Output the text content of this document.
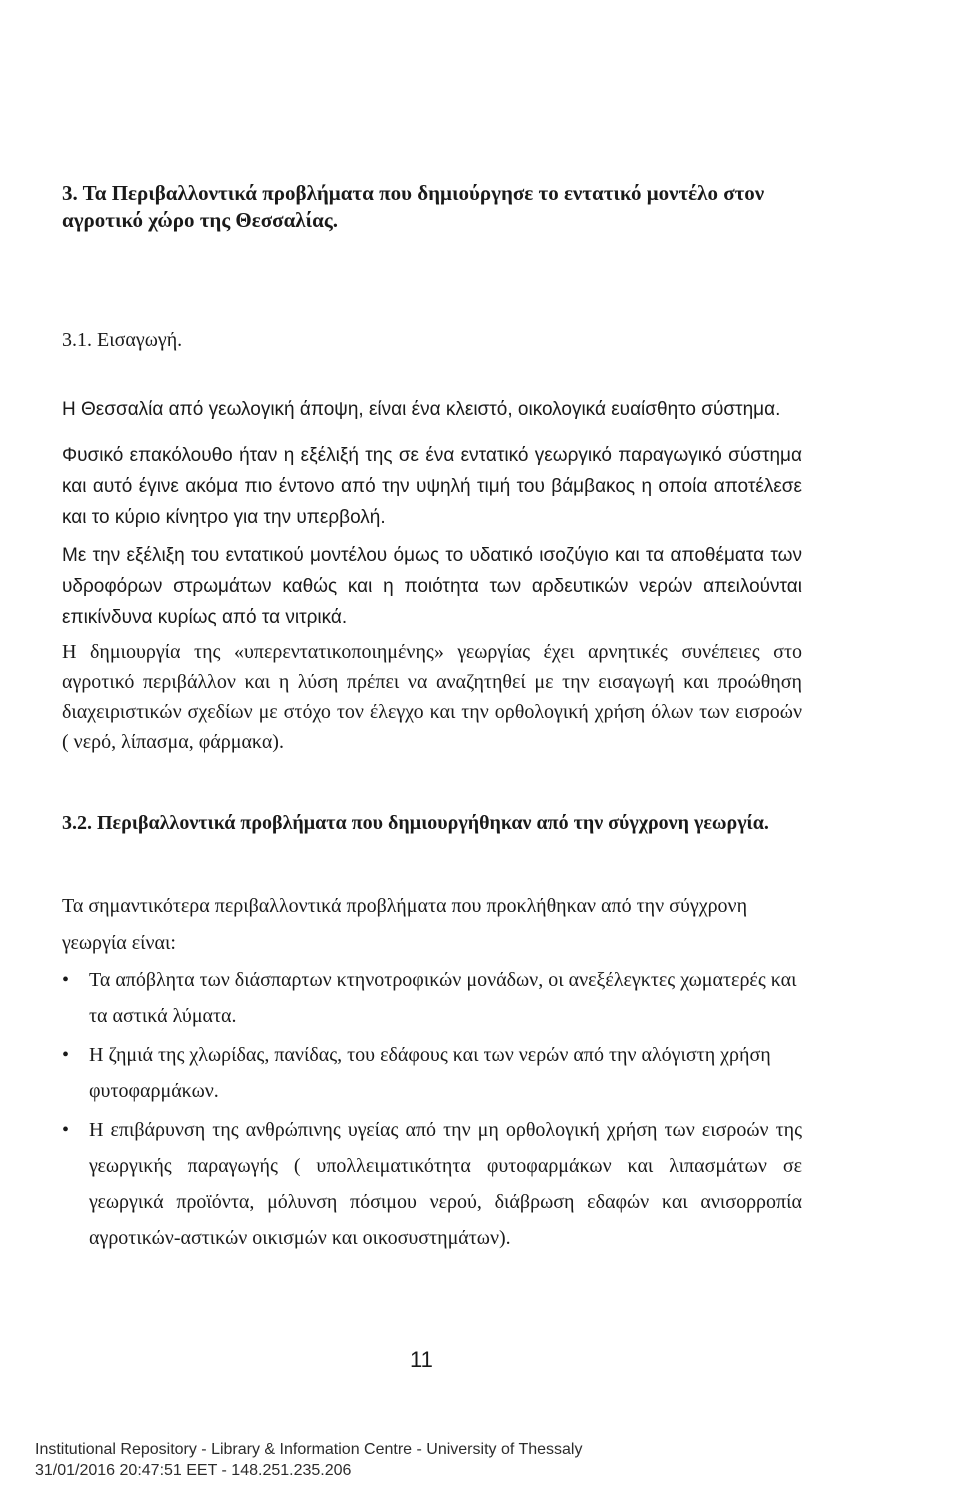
3. Τα Περιβαλλοντικά προβλήματα που δημιούργησε το εντατικό μοντέλο στον αγροτικό χώρο της Θεσσαλίας.
3.1. Εισαγωγή.
Η Θεσσαλία από γεωλογική άποψη, είναι ένα κλειστό, οικολογικά ευαίσθητο σύστημα.
Φυσικό επακόλουθο ήταν η εξέλιξή της σε ένα εντατικό γεωργικό παραγωγικό σύστημα και αυτό έγινε ακόμα πιο έντονο από την υψηλή τιμή του βάμβακος η οποία αποτέλεσε και το κύριο κίνητρο για την υπερβολή.
Με την εξέλιξη του εντατικού μοντέλου όμως το υδατικό ισοζύγιο και τα αποθέματα των υδροφόρων στρωμάτων καθώς και η ποιότητα των αρδευτικών νερών απειλούνται επικίνδυνα κυρίως από τα νιτρικά.
Η δημιουργία της «υπερεντατικοποιημένης» γεωργίας έχει αρνητικές συνέπειες στο αγροτικό περιβάλλον και η λύση πρέπει να αναζητηθεί με την εισαγωγή και προώθηση διαχειριστικών σχεδίων με στόχο τον έλεγχο και την ορθολογική χρήση όλων των εισροών ( νερό, λίπασμα, φάρμακα).
3.2. Περιβαλλοντικά προβλήματα που δημιουργήθηκαν από την σύγχρονη γεωργία.
Τα σημαντικότερα περιβαλλοντικά προβλήματα που προκλήθηκαν από την σύγχρονη γεωργία είναι:
• Τα απόβλητα των διάσπαρτων κτηνοτροφικών μονάδων, οι ανεξέλεγκτες χωματερές και τα αστικά λύματα.
• Η ζημιά της χλωρίδας, πανίδας, του εδάφους και των νερών από την αλόγιστη χρήση φυτοφαρμάκων.
• Η επιβάρυνση της ανθρώπινης υγείας από την μη ορθολογική χρήση των εισροών της γεωργικής παραγωγής ( υπολλειματικότητα φυτοφαρμάκων και λιπασμάτων σε γεωργικά προϊόντα, μόλυνση πόσιμου νερού, διάβρωση εδαφών και ανισορροπία αγροτικών-αστικών οικισμών και οικοσυστημάτων).
11
Institutional Repository - Library & Information Centre - University of Thessaly
31/01/2016 20:47:51 EET - 148.251.235.206
